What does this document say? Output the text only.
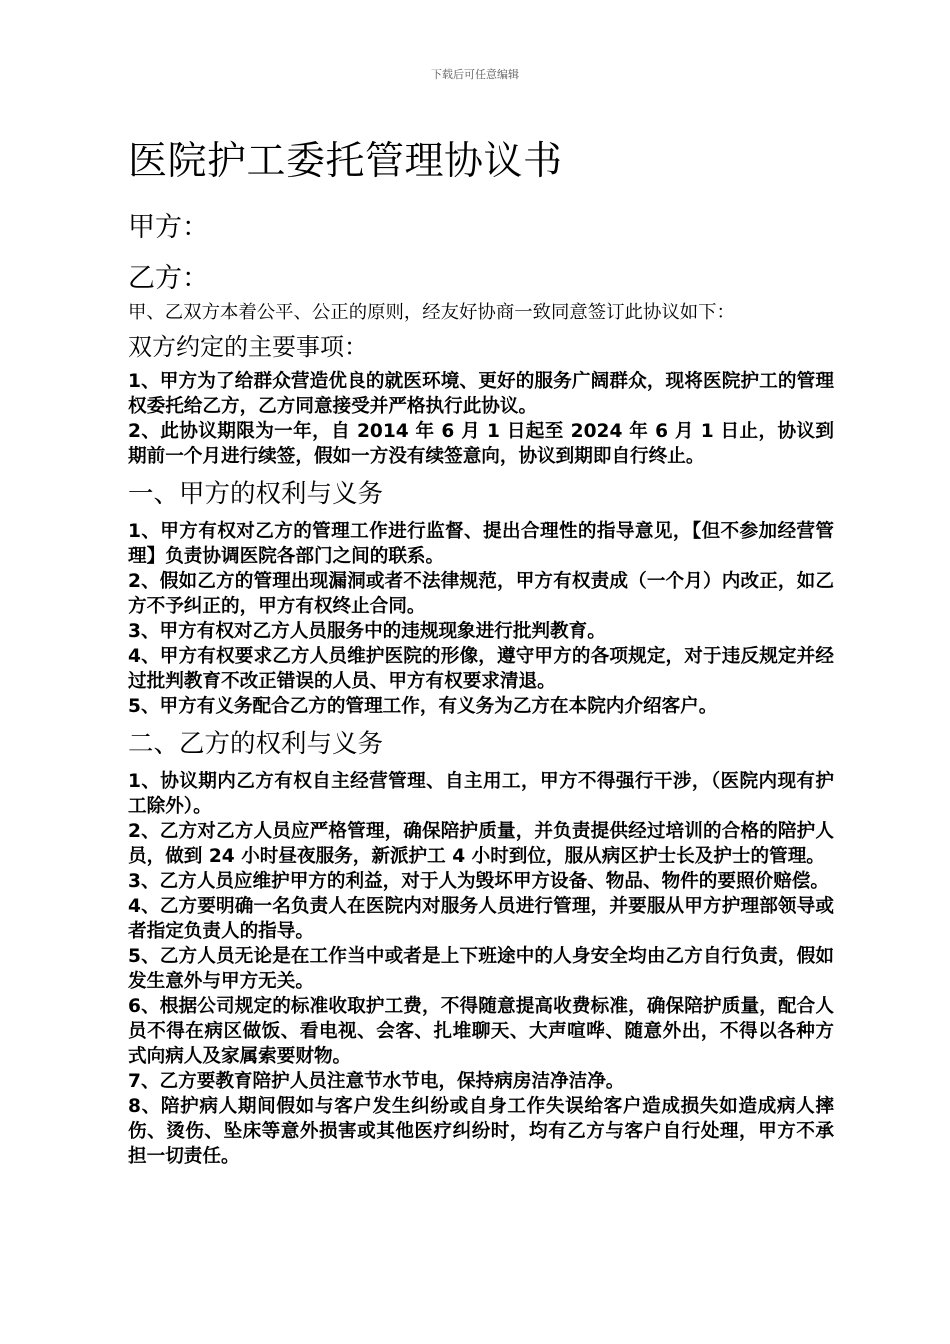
下载后可任意编辑
医院护工委托管理协议书

甲方：

乙方：

甲、乙双方本着公平、公正的原则，经友好协商一致同意签订此协议如下：

双方约定的主要事项：
1、甲方为了给群众营造优良的就医环境、更好的服务广阔群众，现将医院护工的管理权委托给乙方，乙方同意接受并严格执行此协议。
2、此协议期限为一年，自 2014 年 6 月 1 日起至 2024 年 6 月 1 日止，协议到期前一个月进行续签，假如一方没有续签意向，协议到期即自行终止。
一、甲方的权利与义务
1、甲方有权对乙方的管理工作进行监督、提出合理性的指导意见，【但不参加经营管理】负责协调医院各部门之间的联系。
2、假如乙方的管理出现漏洞或者不法律规范，甲方有权责成（一个月）内改正，如乙方不予纠正的，甲方有权终止合同。
3、甲方有权对乙方人员服务中的违规现象进行批判教育。
4、甲方有权要求乙方人员维护医院的形像，遵守甲方的各项规定，对于违反规定并经过批判教育不改正错误的人员、甲方有权要求清退。
5、甲方有义务配合乙方的管理工作，有义务为乙方在本院内介绍客户。
二、乙方的权利与义务
1、协议期内乙方有权自主经营管理、自主用工，甲方不得强行干涉，（医院内现有护工除外）。
2、乙方对乙方人员应严格管理，确保陪护质量，并负责提供经过培训的合格的陪护人员，做到 24 小时昼夜服务，新派护工 4 小时到位，服从病区护士长及护士的管理。
3、乙方人员应维护甲方的利益，对于人为毁坏甲方设备、物品、物件的要照价赔偿。
4、乙方要明确一名负责人在医院内对服务人员进行管理，并要服从甲方护理部领导或者指定负责人的指导。
5、乙方人员无论是在工作当中或者是上下班途中的人身安全均由乙方自行负责，假如发生意外与甲方无关。
6、根据公司规定的标准收取护工费，不得随意提高收费标准，确保陪护质量，配合人员不得在病区做饭、看电视、会客、扎堆聊天、大声喧哗、随意外出，不得以各种方式向病人及家属索要财物。
7、乙方要教育陪护人员注意节水节电，保持病房洁净洁净。
8、陪护病人期间假如与客户发生纠纷或自身工作失误给客户造成损失如造成病人摔伤、烫伤、坠床等意外损害或其他医疗纠纷时，均有乙方与客户自行处理，甲方不承担一切责任。
